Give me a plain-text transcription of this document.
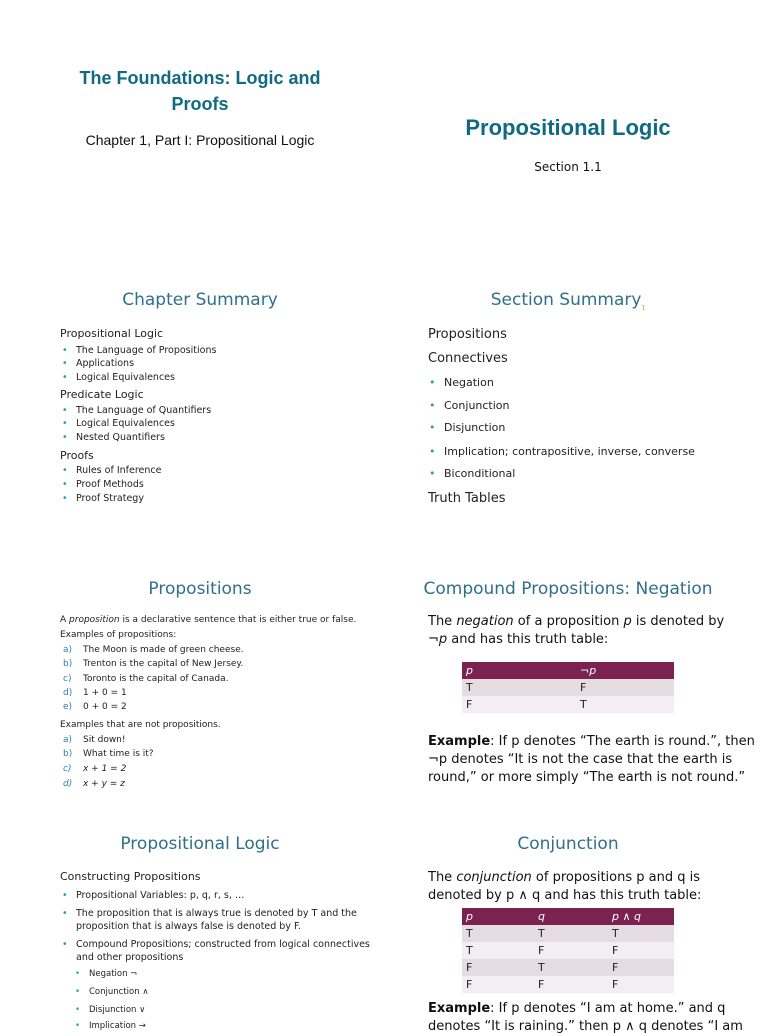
The Foundations: Logic and
Proofs
Chapter 1, Part I: Propositional Logic	Propositional Logic
Section 1.1
Chapter Summary
Propositional Logic
• The Language of Propositions
• Applications
• Logical Equivalences
Predicate Logic
• The Language of Quantifiers
• Logical Equivalences
• Nested Quantifiers
Proofs
• Rules of Inference
• Proof Methods
• Proof Strategy
Section Summary$_1$
Propositions
Connectives
• Negation
• Conjunction
• Disjunction
• Implication; contrapositive, inverse, converse
• Biconditional
Truth Tables
Propositions
A proposition is a declarative sentence that is either true or false.
Examples of propositions:
a) The Moon is made of green cheese.
b) Trenton is the capital of New Jersey.
c) Toronto is the capital of Canada.
d) 1 + 0 = 1
e) 0 + 0 = 2
Examples that are not propositions.
a) Sit down!
b) What time is it?
c) x + 1 = 2
d) x + y = z
Compound Propositions: Negation
The negation of a proposition p is denoted by
¬p and has this truth table:
p	¬p
T	F
F	T
Example: If p denotes “The earth is round.”, then
¬p denotes “It is not the case that the earth is
round,” or more simply “The earth is not round.”
Propositional Logic
Constructing Propositions
• Propositional Variables: p, q, r, s, …
• The proposition that is always true is denoted by T and the
proposition that is always false is denoted by F.
• Compound Propositions; constructed from logical connectives
and other propositions
• Negation ¬
• Conjunction ∧
• Disjunction ∨
• Implication →
Conjunction
The conjunction of propositions p and q is
denoted by p ∧ q and has this truth table:
p	q	p ∧ q
T	T	T
T	F	F
F	T	F
F	F	F
Example: If p denotes “I am at home.” and q
denotes “It is raining.” then p ∧ q denotes “I am
